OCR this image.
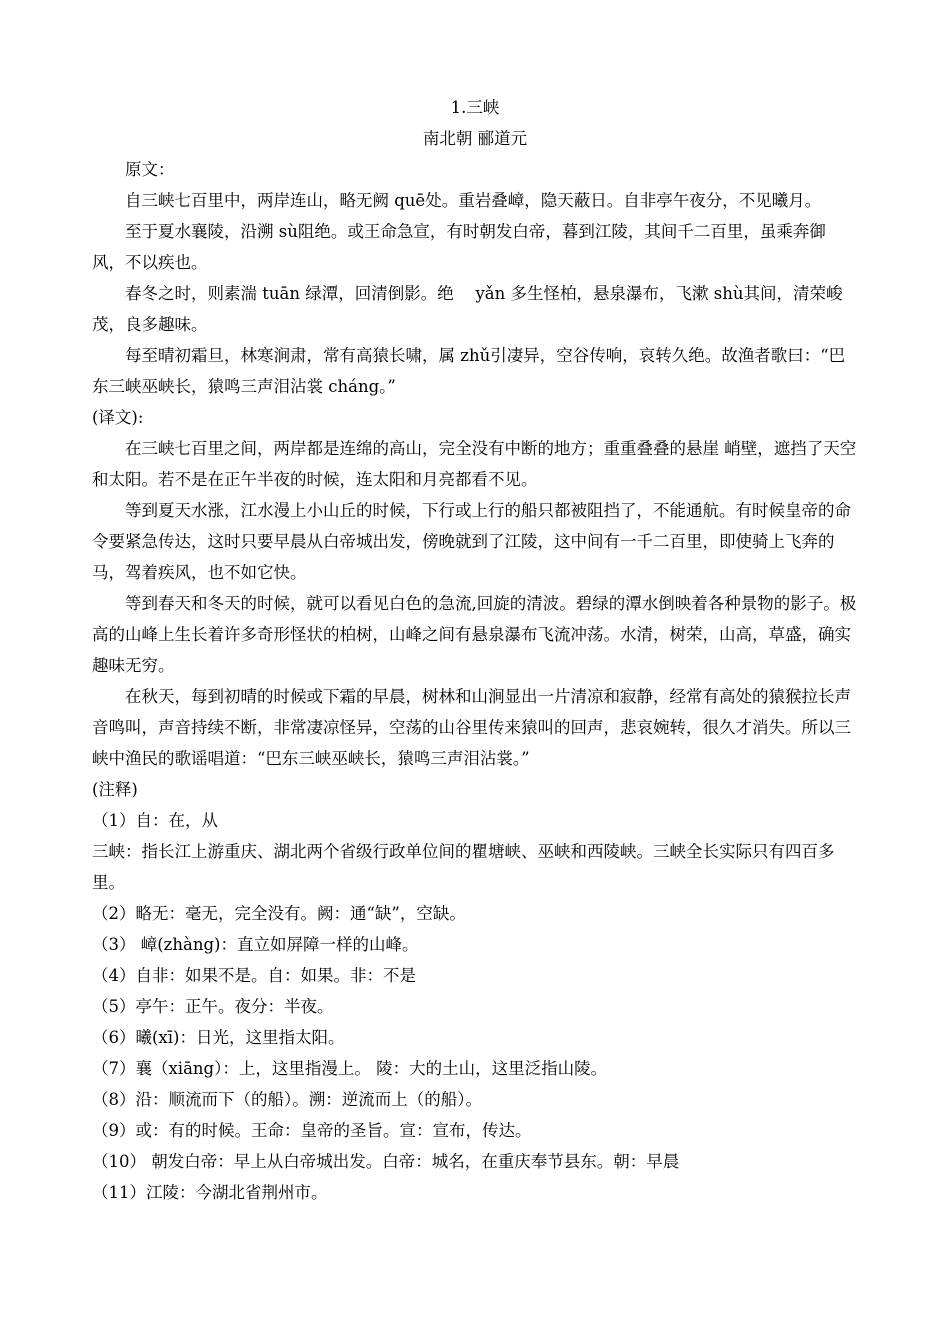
1.三峡

南北朝 郦道元

原文：

自三峡七百里中，两岸连山，略无阙 quē处。重岩叠嶂，隐天蔽日。自非亭午夜分，不见曦月。

至于夏水襄陵，沿溯 sù阻绝。或王命急宣，有时朝发白帝，暮到江陵，其间千二百里，虽乘奔御风，不以疾也。

春冬之时，则素湍 tuān 绿潭，回清倒影。绝　 yǎn 多生怪柏，悬泉瀑布，飞漱 shù其间，清荣峻茂，良多趣味。

每至晴初霜旦，林寒涧肃，常有高猿长啸，属 zhǔ引凄异，空谷传响，哀转久绝。故渔者歌曰：“巴东三峡巫峡长，猿鸣三声泪沾裳 cháng。”

(译文):

在三峡七百里之间，两岸都是连绵的高山，完全没有中断的地方；重重叠叠的悬崖 峭壁，遮挡了天空和太阳。若不是在正午半夜的时候，连太阳和月亮都看不见。

等到夏天水涨，江水漫上小山丘的时候，下行或上行的船只都被阻挡了，不能通航。有时候皇帝的命令要紧急传达，这时只要早晨从白帝城出发，傍晚就到了江陵，这中间有一千二百里，即使骑上飞奔的马，驾着疾风，也不如它快。

等到春天和冬天的时候，就可以看见白色的急流,回旋的清波。碧绿的潭水倒映着各种景物的影子。极高的山峰上生长着许多奇形怪状的柏树，山峰之间有悬泉瀑布飞流冲荡。水清，树荣，山高，草盛，确实趣味无穷。

在秋天，每到初晴的时候或下霜的早晨，树林和山涧显出一片清凉和寂静，经常有高处的猿猴拉长声音鸣叫，声音持续不断，非常凄凉怪异，空荡的山谷里传来猿叫的回声，悲哀婉转，很久才消失。所以三峡中渔民的歌谣唱道：“巴东三峡巫峡长，猿鸣三声泪沾裳。”

(注释)

（1）自：在，从

三峡：指长江上游重庆、湖北两个省级行政单位间的瞿塘峡、巫峡和西陵峡。三峡全长实际只有四百多里。

（2）略无：毫无，完全没有。阙：通“缺”，空缺。

（3） 嶂(zhàng)：直立如屏障一样的山峰。

（4）自非：如果不是。自：如果。非：不是

（5）亭午：正午。夜分：半夜。

（6）曦(xī)：日光，这里指太阳。

（7）襄（xiāng）：上，这里指漫上。 陵：大的土山，这里泛指山陵。

（8）沿：顺流而下（的船）。溯：逆流而上（的船）。

（9）或：有的时候。王命：皇帝的圣旨。宣：宣布，传达。

（10） 朝发白帝：早上从白帝城出发。白帝：城名，在重庆奉节县东。朝：早晨

（11）江陵：今湖北省荆州市。
